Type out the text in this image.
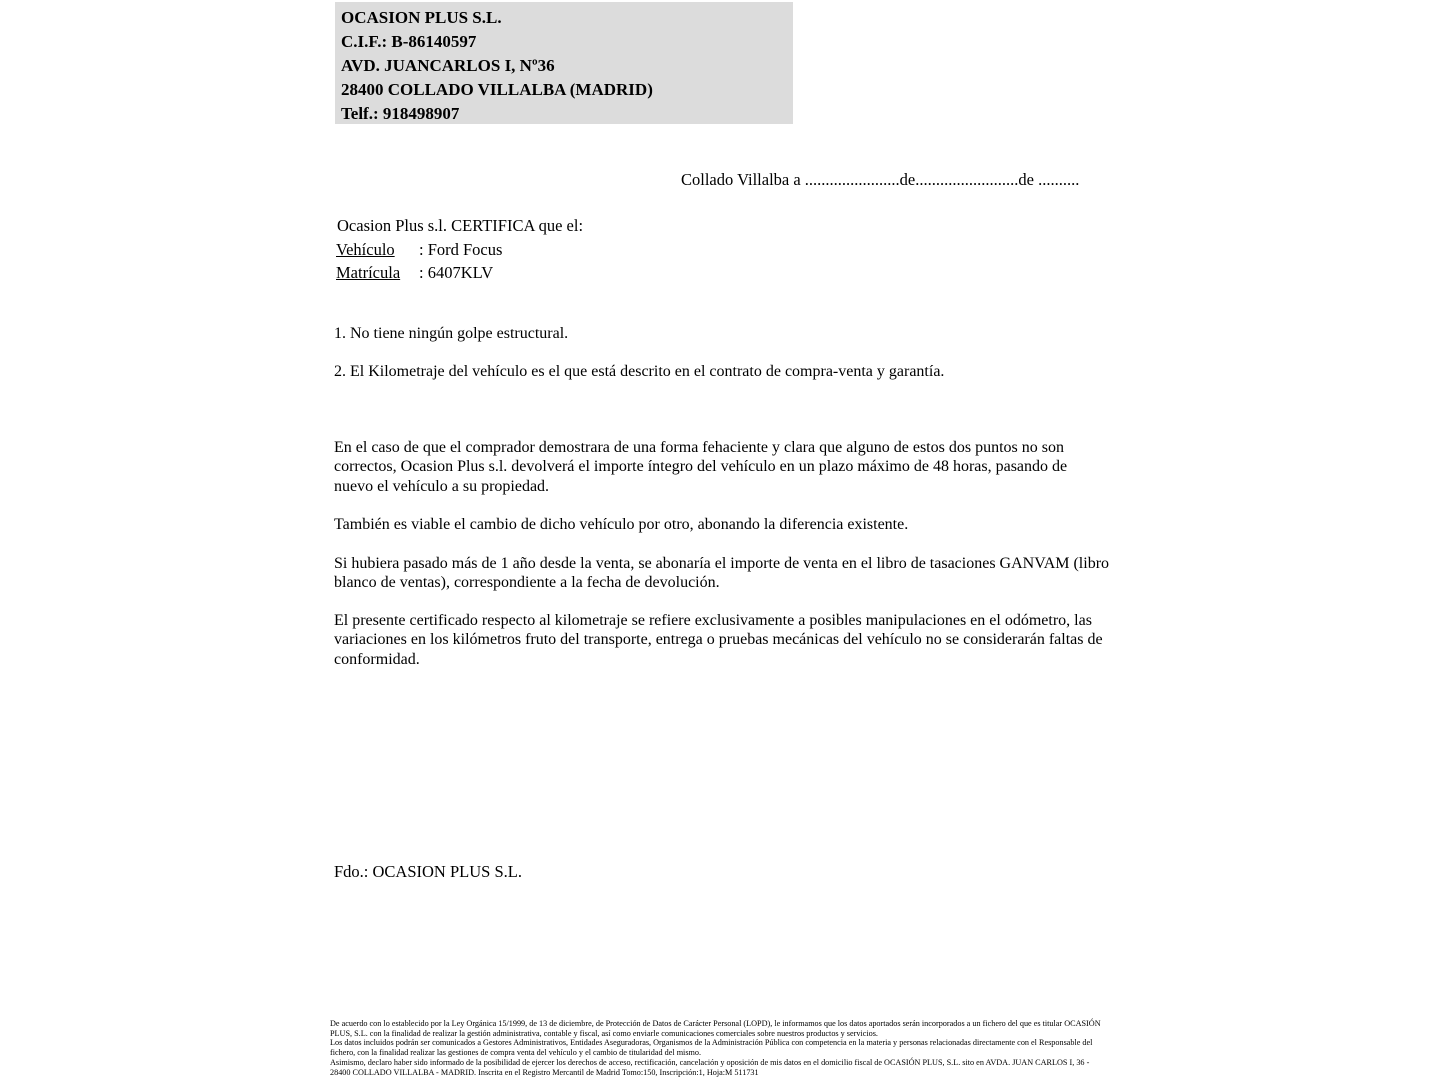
OCASION PLUS S.L.
C.I.F.: B-86140597
AVD. JUANCARLOS I, Nº36
28400 COLLADO VILLALBA (MADRID)
Telf.: 918498907
Collado Villalba a .......................de.........................de ..........
Ocasion Plus s.l. CERTIFICA que el:
Vehículo : Ford Focus
Matrícula : 6407KLV
1. No tiene ningún golpe estructural.
2. El Kilometraje del vehículo es el que está descrito en el contrato de compra-venta y garantía.
En el caso de que el comprador demostrara de una forma fehaciente y clara que alguno de estos dos puntos no son correctos, Ocasion Plus s.l. devolverá el importe íntegro del vehículo en un plazo máximo de 48 horas, pasando de nuevo el vehículo a su propiedad.
También es viable el cambio de dicho vehículo por otro, abonando la diferencia existente.
Si hubiera pasado más de 1 año desde la venta, se abonaría el importe de venta en el libro de tasaciones GANVAM (libro blanco de ventas), correspondiente a la fecha de devolución.
El presente certificado respecto al kilometraje se refiere exclusivamente a posibles manipulaciones en el odómetro, las variaciones en los kilómetros fruto del transporte, entrega o pruebas mecánicas del vehículo no se considerarán faltas de conformidad.
Fdo.: OCASION PLUS S.L.

De acuerdo con lo establecido por la Ley Orgánica 15/1999, de 13 de diciembre, de Protección de Datos de Carácter Personal (LOPD), le informamos que los datos aportados serán incorporados a un fichero del que es titular OCASIÓN PLUS, S.L. con la finalidad de realizar la gestión administrativa, contable y fiscal, así como enviarle comunicaciones comerciales sobre nuestros productos y servicios.

Los datos incluidos podrán ser comunicados a Gestores Administrativos, Entidades Aseguradoras, Organismos de la Administración Pública con competencia en la materia y personas relacionadas directamente con el Responsable del fichero, con la finalidad realizar las gestiones de compra venta del vehículo y el cambio de titularidad del mismo.

Asimismo, declaro haber sido informado de la posibilidad de ejercer los derechos de acceso, rectificación, cancelación y oposición de mis datos en el domicilio fiscal de OCASIÓN PLUS, S.L. sito en AVDA. JUAN CARLOS I, 36 - 28400 COLLADO VILLALBA - MADRID. Inscrita en el Registro Mercantil de Madrid Tomo:150, Inscripción:1, Hoja:M 511731
